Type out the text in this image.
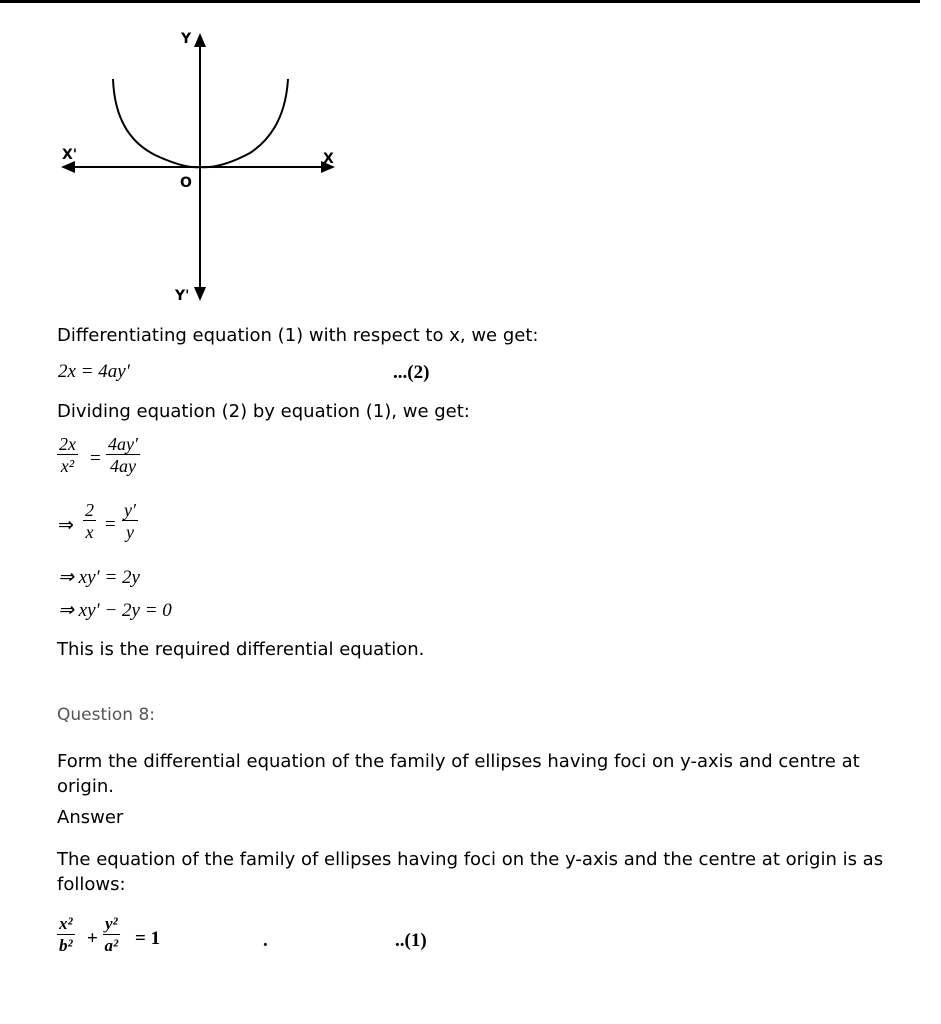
Y
Y'
X
X'
O
Differentiating equation (1) with respect to x, we get:
2x = 4ay′	...(2)
Dividing equation (2) by equation (1), we get:
$\frac{2x}{\text{x²}} = \frac{4ay'}{4ay}$
⇒ $\frac{2}{x} = \frac{y'}{y}$
⇒ xy′ = 2y
⇒ xy′ − 2y = 0
This is the required differential equation.
Question 8:
Form the differential equation of the family of ellipses having foci on y-axis and centre at origin.
Answer
The equation of the family of ellipses having foci on the y-axis and the centre at origin is as follows:
$\frac{\text{x²}}{\text{b²}} + \frac{\text{y²}}{\text{a²}} = 1$	.	..(1)
